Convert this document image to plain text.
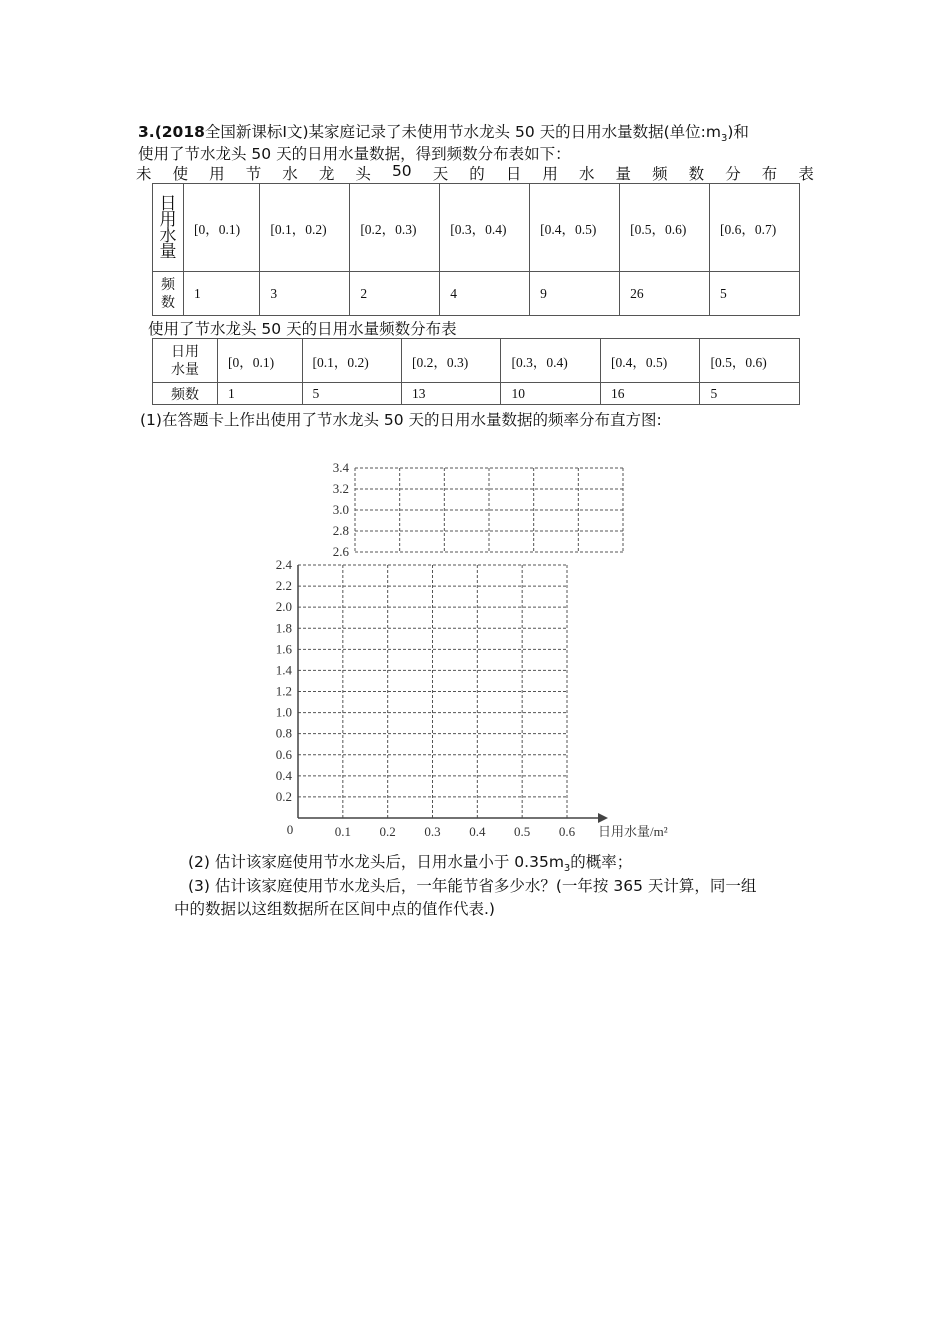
3.(2018全国新课标Ⅰ文)某家庭记录了未使用节水龙头 50 天的日用水量数据(单位$:m_3$)和
使用了节水龙头 50 天的日用水量数据，得到频数分布表如下：
未 使 用 节 水 龙 头 50 天 的 日 用 水 量 频 数 分 布 表
日用水量	[0，0.1)	[0.1，0.2)	[0.2，0.3)	[0.3，0.4)	[0.4，0.5)	[0.5，0.6)	[0.6，0.7)
频数	1	3	2	4	9	26	5
使用了节水龙头 50 天的日用水量频数分布表
日用水量	[0，0.1)	[0.1，0.2)	[0.2，0.3)	[0.3，0.4)	[0.4，0.5)	[0.5，0.6)
频数	1	5	13	10	16	5
(1)在答题卡上作出使用了节水龙头 50 天的日用水量数据的频率分布直方图:
0.2
0.4
0.6
0.8
1.0
1.2
1.4
1.6
1.8
2.0
2.2
2.4
2.6
2.8
3.0
3.2
3.4
0.1 0.2 0.3 0.4 0.5 0.6
0	日用水量/m²
(2) 估计该家庭使用节水龙头后，日用水量小于 $0.35m_3$的概率；
(3) 估计该家庭使用节水龙头后，一年能节省多少水？(一年按 365 天计算，同一组
中的数据以这组数据所在区间中点的值作代表.)
